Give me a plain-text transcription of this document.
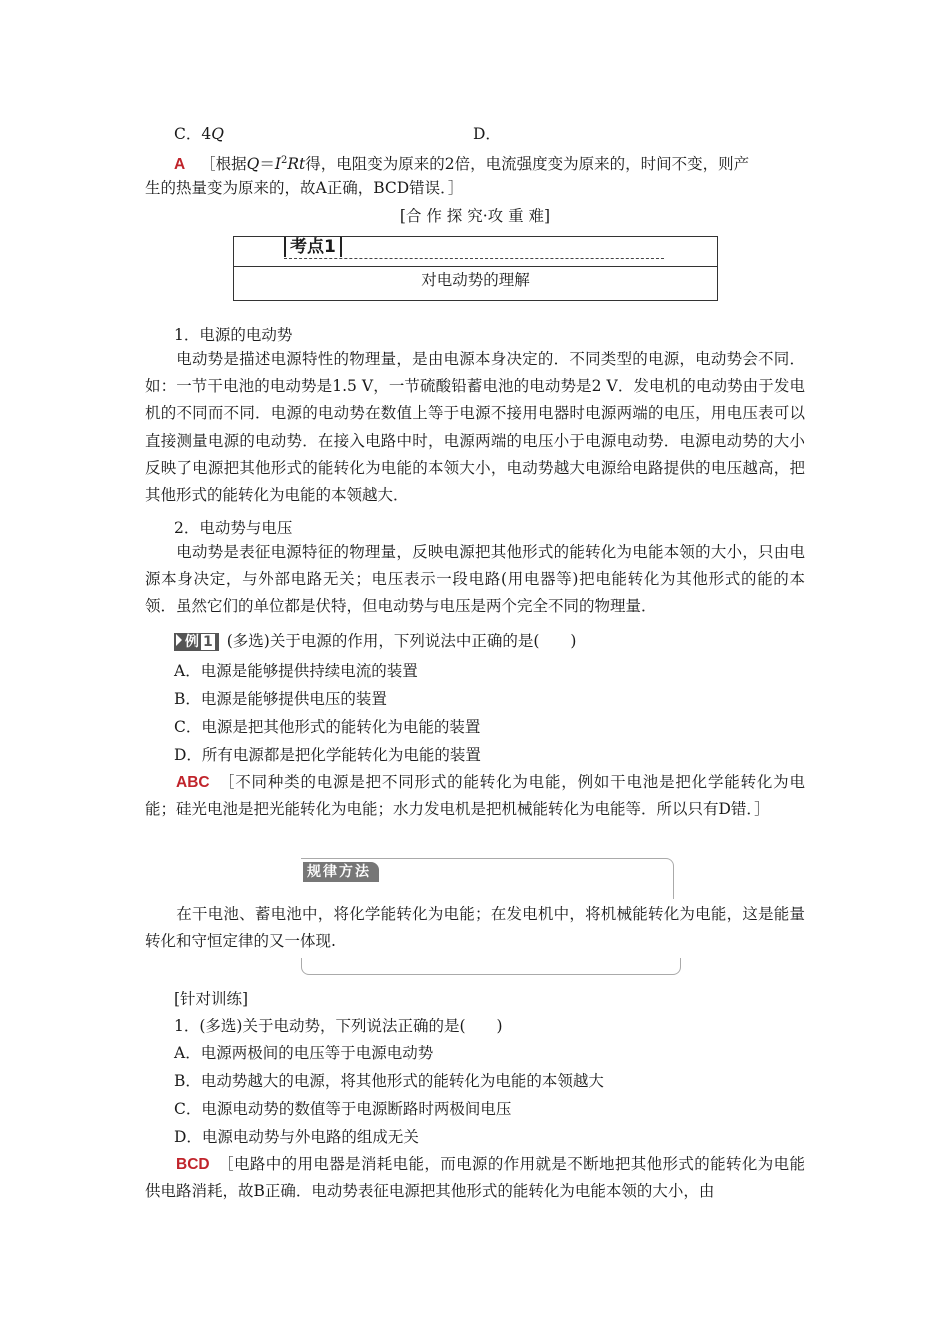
C．4Q	D．
A ［根据$Q=I^2Rt$得，电阻变为原来的2倍，电流强度变为原来的，时间不变，则产
生的热量变为原来的，故A正确，BCD错误．］
[合 作 探 究·攻 重 难]
考点1
对电动势的理解
1．电源的电动势
电动势是描述电源特性的物理量，是由电源本身决定的．不同类型的电源，电动势会不同．如：一节干电池的电动势是1.5 V，一节硫酸铅蓄电池的电动势是2 V．发电机的电动势由于发电机的不同而不同．电源的电动势在数值上等于电源不接用电器时电源两端的电压，用电压表可以直接测量电源的电动势．在接入电路中时，电源两端的电压小于电源电动势．电源电动势的大小反映了电源把其他形式的能转化为电能的本领大小，电动势越大电源给电路提供的电压越高，把其他形式的能转化为电能的本领越大．
2．电动势与电压
电动势是表征电源特征的物理量，反映电源把其他形式的能转化为电能本领的大小，只由电源本身决定，与外部电路无关；电压表示一段电路(用电器等)把电能转化为其他形式的能的本领．虽然它们的单位都是伏特，但电动势与电压是两个完全不同的物理量．
例 1 (多选)关于电源的作用，下列说法中正确的是(　　)
A．电源是能够提供持续电流的装置
B．电源是能够提供电压的装置
C．电源是把其他形式的能转化为电能的装置
D．所有电源都是把化学能转化为电能的装置
ABC　 ［不同种类的电源是把不同形式的能转化为电能，例如干电池是把化学能转化为电能；硅光电池是把光能转化为电能；水力发电机是把机械能转化为电能等．所以只有D错．］
规律方法
在干电池、蓄电池中，将化学能转化为电能；在发电机中，将机械能转化为电能，这是能量转化和守恒定律的又一体现.
[针对训练]
1．(多选)关于电动势，下列说法正确的是(　　)
A．电源两极间的电压等于电源电动势
B．电动势越大的电源，将其他形式的能转化为电能的本领越大
C．电源电动势的数值等于电源断路时两极间电压
D．电源电动势与外电路的组成无关
BCD　 ［电路中的用电器是消耗电能，而电源的作用就是不断地把其他形式的能转化为电能供电路消耗，故B正确．电动势表征电源把其他形式的能转化为电能本领的大小，由
